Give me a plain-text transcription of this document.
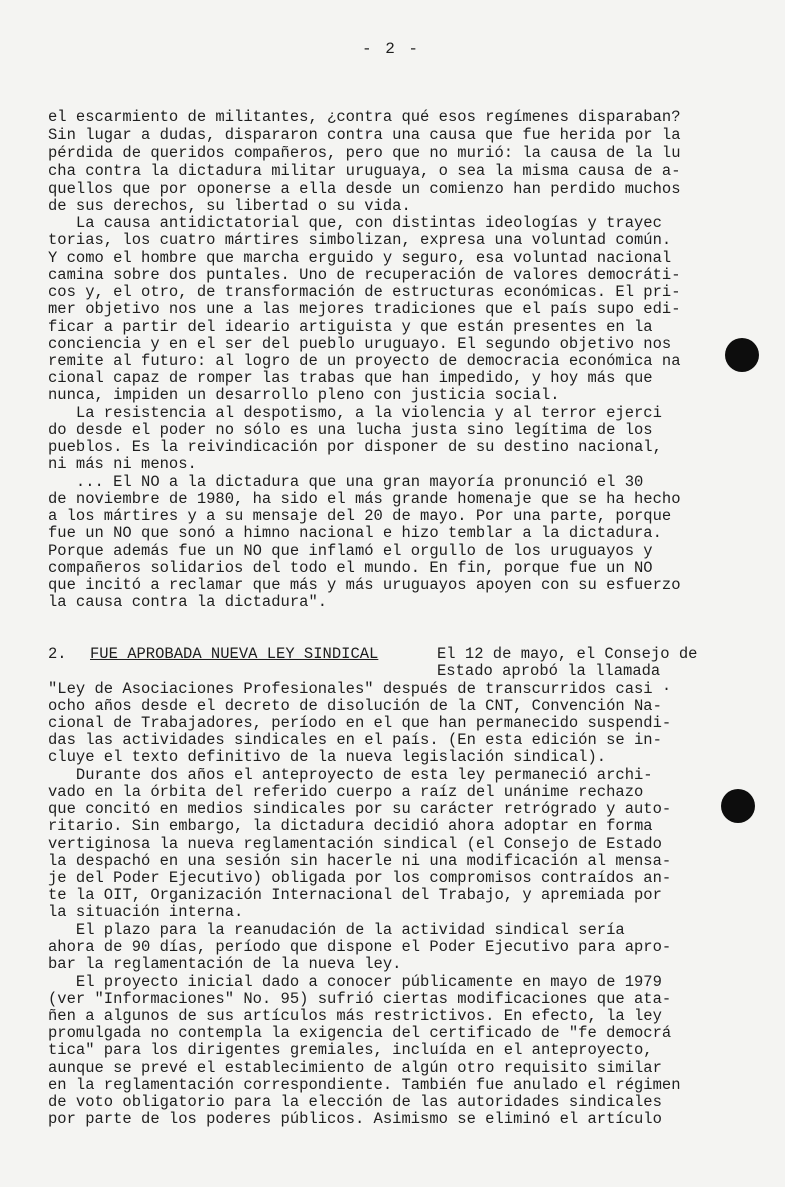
- 2 -
el escarmiento de militantes, ¿contra qué esos regímenes disparaban?
Sin lugar a dudas, dispararon contra una causa que fue herida por la
pérdida de queridos compañeros, pero que no murió: la causa de la lu
cha contra la dictadura militar uruguaya, o sea la misma causa de a-
quellos que por oponerse a ella desde un comienzo han perdido muchos
de sus derechos, su libertad o su vida.
La causa antidictatorial que, con distintas ideologías y trayec
torias, los cuatro mártires simbolizan, expresa una voluntad común.
Y como el hombre que marcha erguido y seguro, esa voluntad nacional
camina sobre dos puntales. Uno de recuperación de valores democráti-
cos y, el otro, de transformación de estructuras económicas. El pri-
mer objetivo nos une a las mejores tradiciones que el país supo edi-
ficar a partir del ideario artiguista y que están presentes en la
conciencia y en el ser del pueblo uruguayo. El segundo objetivo nos
remite al futuro: al logro de un proyecto de democracia económica na
cional capaz de romper las trabas que han impedido, y hoy más que
nunca, impiden un desarrollo pleno con justicia social.
La resistencia al despotismo, a la violencia y al terror ejerci
do desde el poder no sólo es una lucha justa sino legítima de los
pueblos. Es la reivindicación por disponer de su destino nacional,
ni más ni menos.
... El NO a la dictadura que una gran mayoría pronunció el 30
de noviembre de 1980, ha sido el más grande homenaje que se ha hecho
a los mártires y a su mensaje del 20 de mayo. Por una parte, porque
fue un NO que sonó a himno nacional e hizo temblar a la dictadura.
Porque además fue un NO que inflamó el orgullo de los uruguayos y
compañeros solidarios del todo el mundo. En fin, porque fue un NO
que incitó a reclamar que más y más uruguayos apoyen con su esfuerzo
la causa contra la dictadura".
2. FUE APROBADA NUEVA LEY SINDICAL	El 12 de mayo, el Consejo de
Estado aprobó la llamada
"Ley de Asociaciones Profesionales" después de transcurridos casi ·
ocho años desde el decreto de disolución de la CNT, Convención Na-
cional de Trabajadores, período en el que han permanecido suspendi-
das las actividades sindicales en el país. (En esta edición se in-
cluye el texto definitivo de la nueva legislación sindical).
Durante dos años el anteproyecto de esta ley permaneció archi-
vado en la órbita del referido cuerpo a raíz del unánime rechazo
que concitó en medios sindicales por su carácter retrógrado y auto-
ritario. Sin embargo, la dictadura decidió ahora adoptar en forma
vertiginosa la nueva reglamentación sindical (el Consejo de Estado
la despachó en una sesión sin hacerle ni una modificación al mensa-
je del Poder Ejecutivo) obligada por los compromisos contraídos an-
te la OIT, Organización Internacional del Trabajo, y apremiada por
la situación interna.
El plazo para la reanudación de la actividad sindical sería
ahora de 90 días, período que dispone el Poder Ejecutivo para apro-
bar la reglamentación de la nueva ley.
El proyecto inicial dado a conocer públicamente en mayo de 1979
(ver "Informaciones" No. 95) sufrió ciertas modificaciones que ata-
ñen a algunos de sus artículos más restrictivos. En efecto, la ley
promulgada no contempla la exigencia del certificado de "fe democrá
tica" para los dirigentes gremiales, incluída en el anteproyecto,
aunque se prevé el establecimiento de algún otro requisito similar
en la reglamentación correspondiente. También fue anulado el régimen
de voto obligatorio para la elección de las autoridades sindicales
por parte de los poderes públicos. Asimismo se eliminó el artículo
